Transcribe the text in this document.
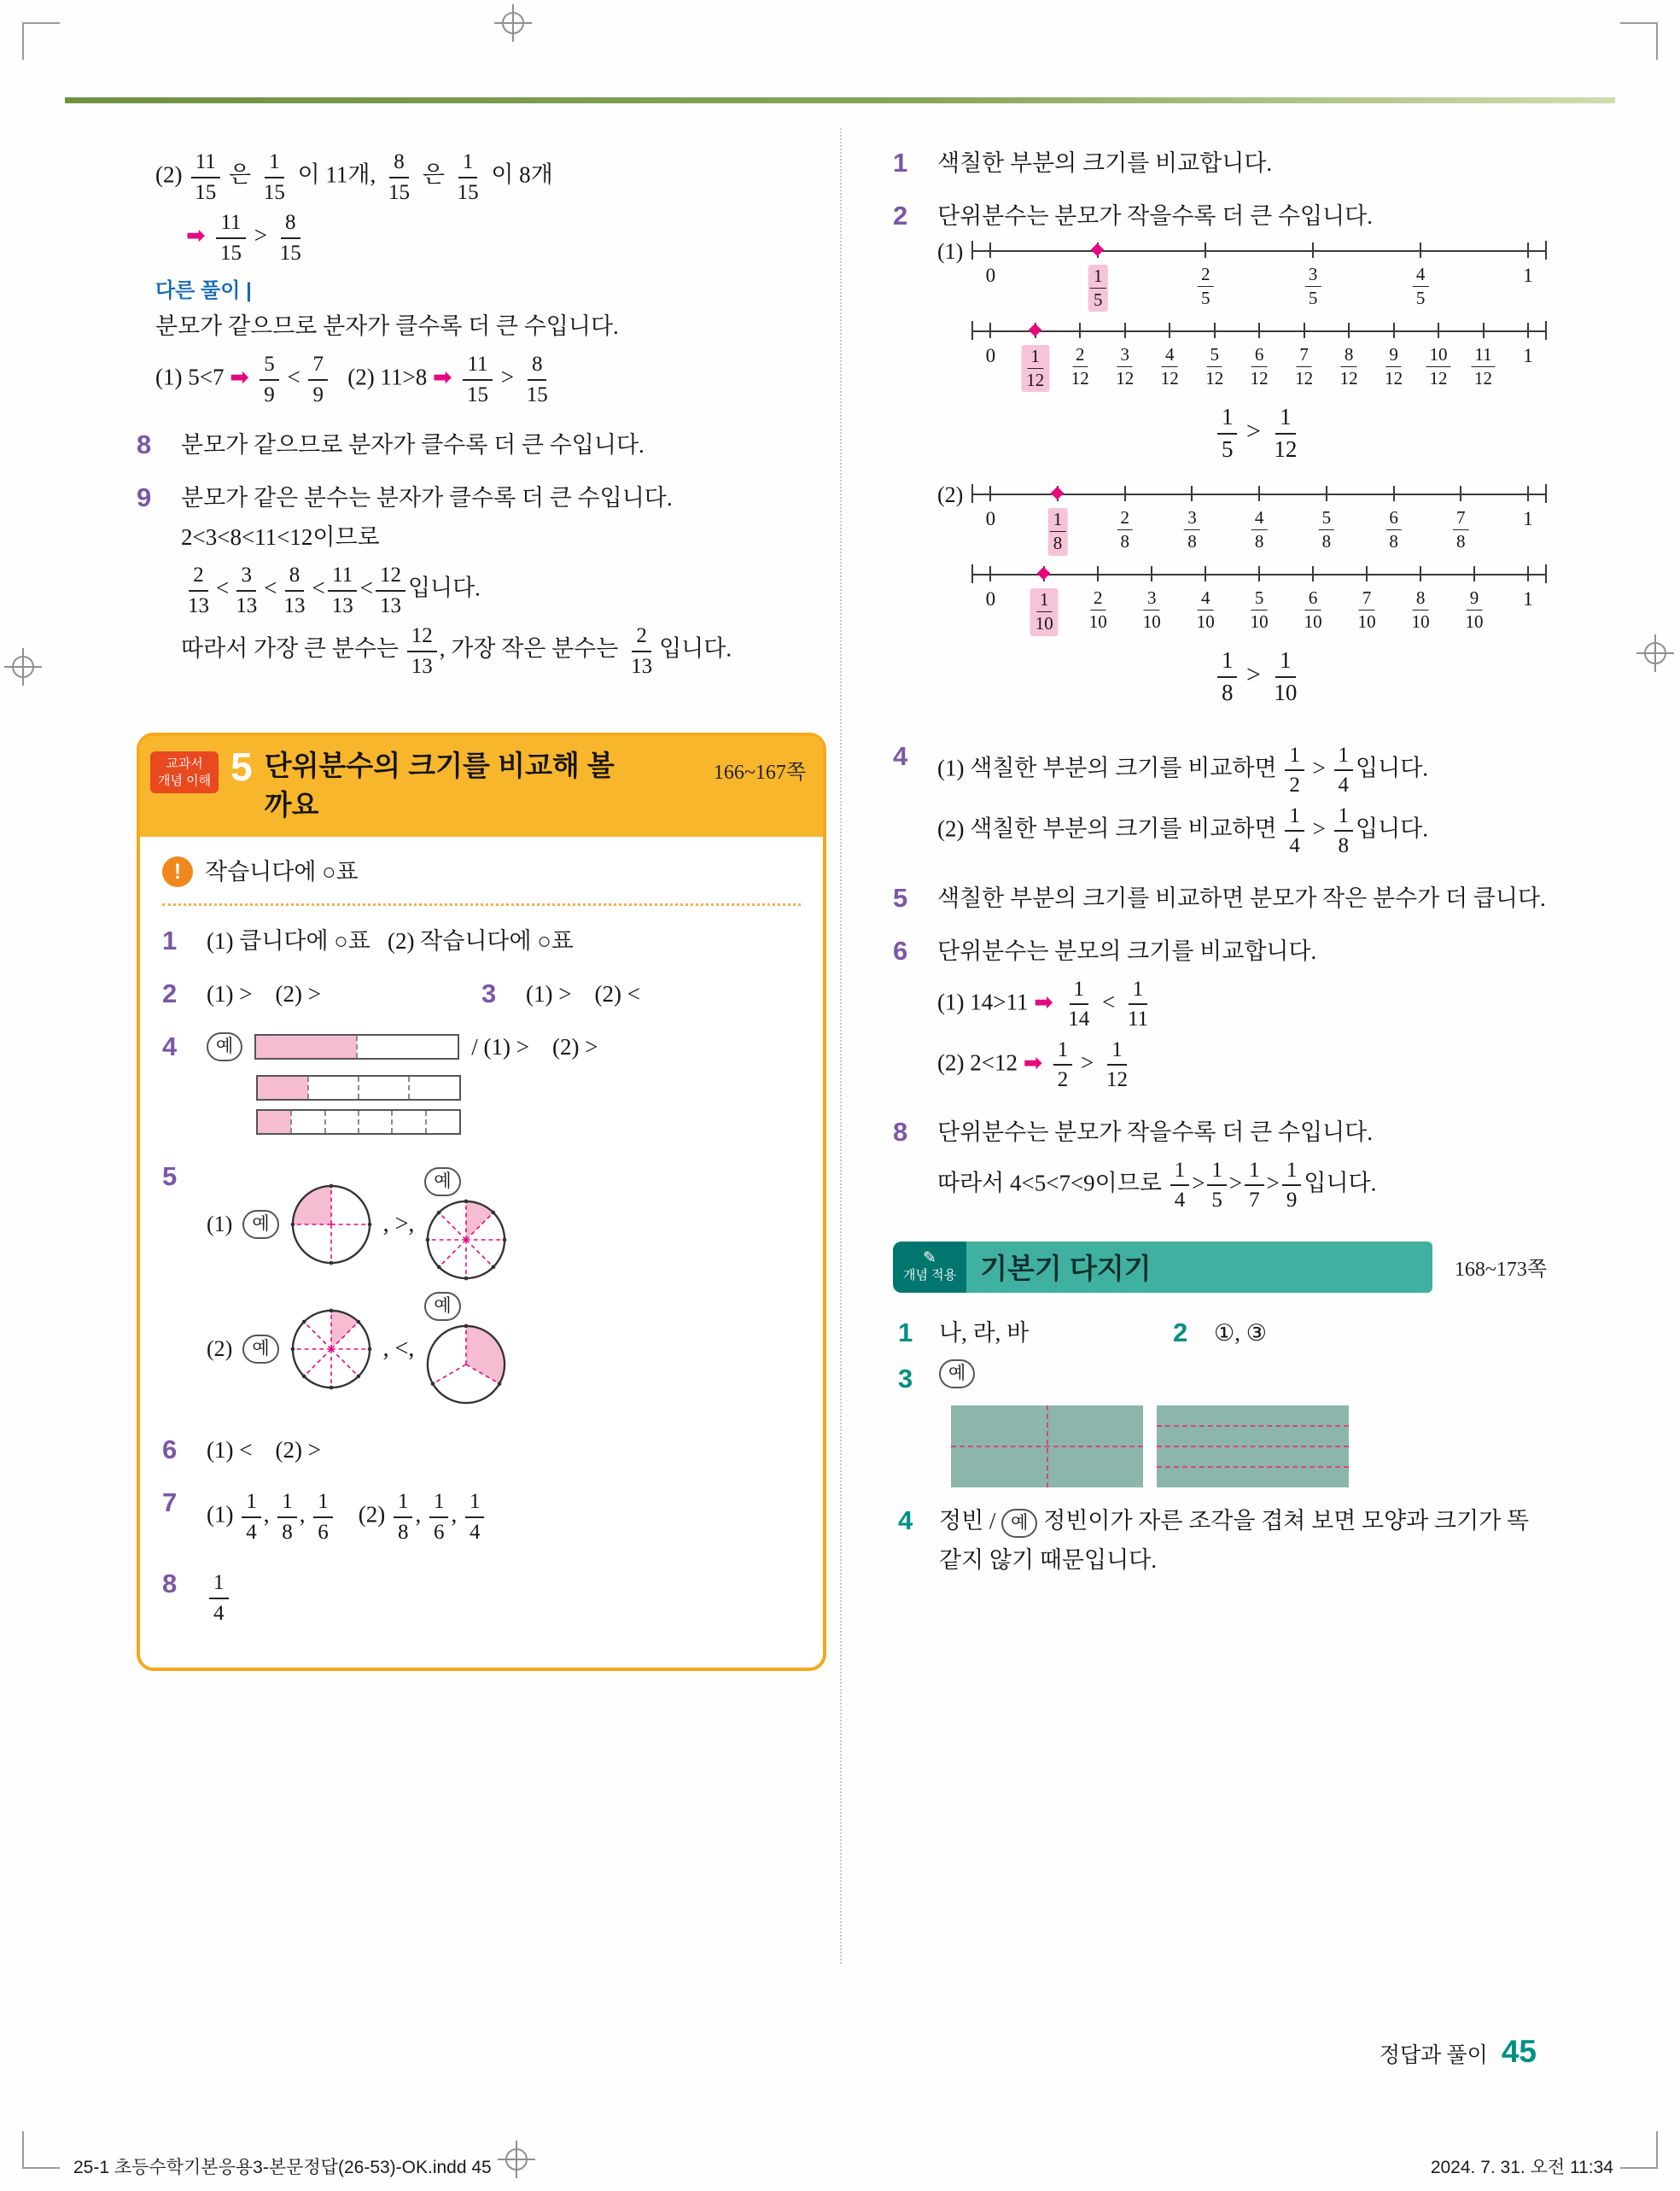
$(2) \frac{11}{15}$ 은 $\frac{1}{15}$ 이 11개, $\frac{8}{15}$ 은 $\frac{1}{15}$ 이 8개
➡ $\frac{11}{15} > \frac{8}{15}$
다른 풀이 |
분모가 같으므로 분자가 클수록 더 큰 수입니다.
(1) 5<7 ➡ $\frac{5}{9} < \frac{7}{9} (2)$ 11>8 ➡ $\frac{11}{15} > \frac{8}{15}$
8	분모가 같으므로 분자가 클수록 더 큰 수입니다.
9	분모가 같은 분수는 분자가 클수록 더 큰 수입니다.
2<3<8<11<12이므로
$\frac{2}{13} < \frac{3}{13} < \frac{8}{13} < \frac{11}{13} < \frac{12}{13}$ 입니다.
따라서 가장 큰 분수는 $\frac{12}{13}$ , 가장 작은 분수는 $\frac{2}{13}$ 입니다.
교과서
개념 이해 5 단위분수의 크기를 비교해 볼까요
166~167쪽
!	작습니다에 ○표
1	(1) 큽니다에 ○표   (2) 작습니다에 ○표
2	(1) >    (2) >	3	(1) >    (2) <
4	예	/ (1) >    (2) >
5
(1)	예	, >,
예
(2)	예	, <,
예
6	(1) <    (2) >
7	$(1) \frac{1}{4}$ , $\frac{1}{8}$ , $\frac{1}{6} (2) \frac{1}{8}$ , $\frac{1}{6}$ , $\frac{1}{4}$
8	$\frac{1}{4}$
1	색칠한 부분의 크기를 비교합니다.
2	단위분수는 분모가 작을수록 더 큰 수입니다.
(1)
0	$\frac{1}{5}$	$\frac{2}{5}$	$\frac{3}{5}$	$\frac{4}{5}$	1
$0 \frac{1}{12} \frac{2}{12} \frac{3}{12} \frac{4}{12} \frac{5}{12} \frac{6}{12} \frac{7}{12} \frac{8}{12} \frac{9}{12} \frac{10}{12} \frac{11}{12} 1$
$\frac{1}{5} > \frac{1}{12}$
(2)
0	$\frac{1}{8}$	$\frac{2}{8}$	$\frac{3}{8}$	$\frac{4}{8}$	$\frac{5}{8}$	$\frac{6}{8}$	$\frac{7}{8}$	1
$0 \frac{1}{10} \frac{2}{10} \frac{3}{10} \frac{4}{10} \frac{5}{10} \frac{6}{10} \frac{7}{10} \frac{8}{10} \frac{9}{10} 1$
$\frac{1}{8} > \frac{1}{10}$
4	(1) 색칠한 부분의 크기를 비교하면 $\frac{1}{2} > \frac{1}{4}$ 입니다.
(2) 색칠한 부분의 크기를 비교하면 $\frac{1}{4} > \frac{1}{8}$ 입니다.
5	색칠한 부분의 크기를 비교하면 분모가 작은 분수가 더 큽니다.
6	단위분수는 분모의 크기를 비교합니다.
(1) 14>11 ➡ $\frac{1}{14} < \frac{1}{11}$
(2) 2<12 ➡ $\frac{1}{2} > \frac{1}{12}$
8	단위분수는 분모가 작을수록 더 큰 수입니다.
따라서 4<5<7<9이므로 $\frac{1}{4} > \frac{1}{5} > \frac{1}{7} > \frac{1}{9}$ 입니다.
✎
개념 적용 기본기 다지기	168~173쪽
1	나, 라, 바	2	①, ③
3	예
4	정빈 / 예 정빈이가 자른 조각을 겹쳐 보면 모양과 크기가 똑같지 않기 때문입니다.
정답과 풀이 45
25-1 초등수학기본응용3-본문정답(26-53)-OK.indd 45	2024. 7. 31. 오전 11:34
